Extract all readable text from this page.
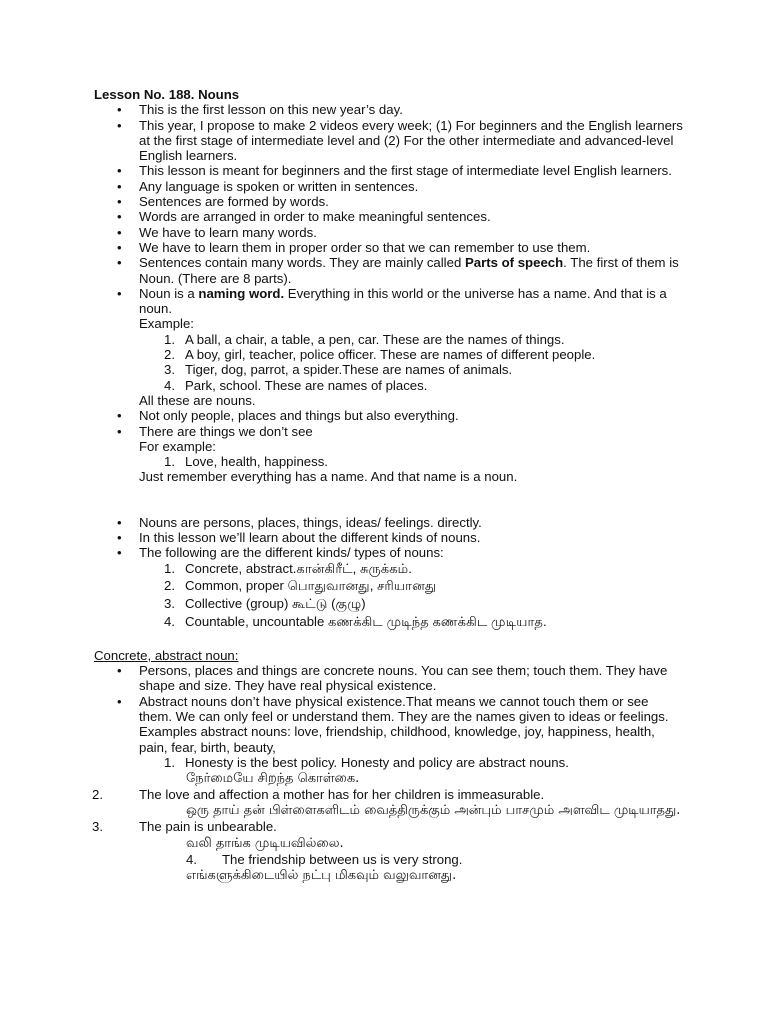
Lesson No. 188. Nouns
• This is the first lesson on this new year’s day.
• This year, I propose to make 2 videos every week; (1) For beginners and the English learners at the first stage of intermediate level and (2) For the other intermediate and advanced-level English learners.
• This lesson is meant for beginners and the first stage of intermediate level English learners.
• Any language is spoken or written in sentences.
• Sentences are formed by words.
• Words are arranged in order to make meaningful sentences.
• We have to learn many words.
• We have to learn them in proper order so that we can remember to use them.
• Sentences contain many words. They are mainly called Parts of speech. The first of them is Noun. (There are 8 parts).
• Noun is a naming word. Everything in this world or the universe has a name. And that is a noun.
Example:
1. A ball, a chair, a table, a pen, car. These are the names of things.
2. A boy, girl, teacher, police officer. These are names of different people.
3. Tiger, dog, parrot, a spider.These are names of animals.
4. Park, school. These are names of places.
All these are nouns.
• Not only people, places and things but also everything.
• There are things we don’t see
For example:
1. Love, health, happiness.
Just remember everything has a name. And that name is a noun.
• Nouns are persons, places, things, ideas/ feelings. directly.
• In this lesson we’ll learn about the different kinds of nouns.
• The following are the different kinds/ types of nouns:
1. Concrete, abstract.கான்கிரீட், சுருக்கம்.
2. Common, proper பொதுவானது, சரியானது
3. Collective (group) கூட்டு (குழு)
4. Countable, uncountable கணக்கிட முடிந்த கணக்கிட முடியாத.
Concrete, abstract noun:
• Persons, places and things are concrete nouns. You can see them; touch them. They have shape and size. They have real physical existence.
• Abstract nouns don’t have physical existence.That means we cannot touch them or see them. We can only feel or understand them. They are the names given to ideas or feelings. Examples abstract nouns: love, friendship, childhood, knowledge, joy, happiness, health, pain, fear, birth, beauty,
1. Honesty is the best policy. Honesty and policy are abstract nouns.
நேர்மையே சிறந்த கொள்கை.
2.	The love and affection a mother has for her children is immeasurable.
ஒரு தாய் தன் பிள்ளைகளிடம் வைத்திருக்கும் அன்பும் பாசமும் அளவிட முடியாதது.
3.	The pain is unbearable.
வலி தாங்க முடியவில்லை.
4. The friendship between us is very strong.
எங்களுக்கிடையில் நட்பு மிகவும் வலுவானது.
